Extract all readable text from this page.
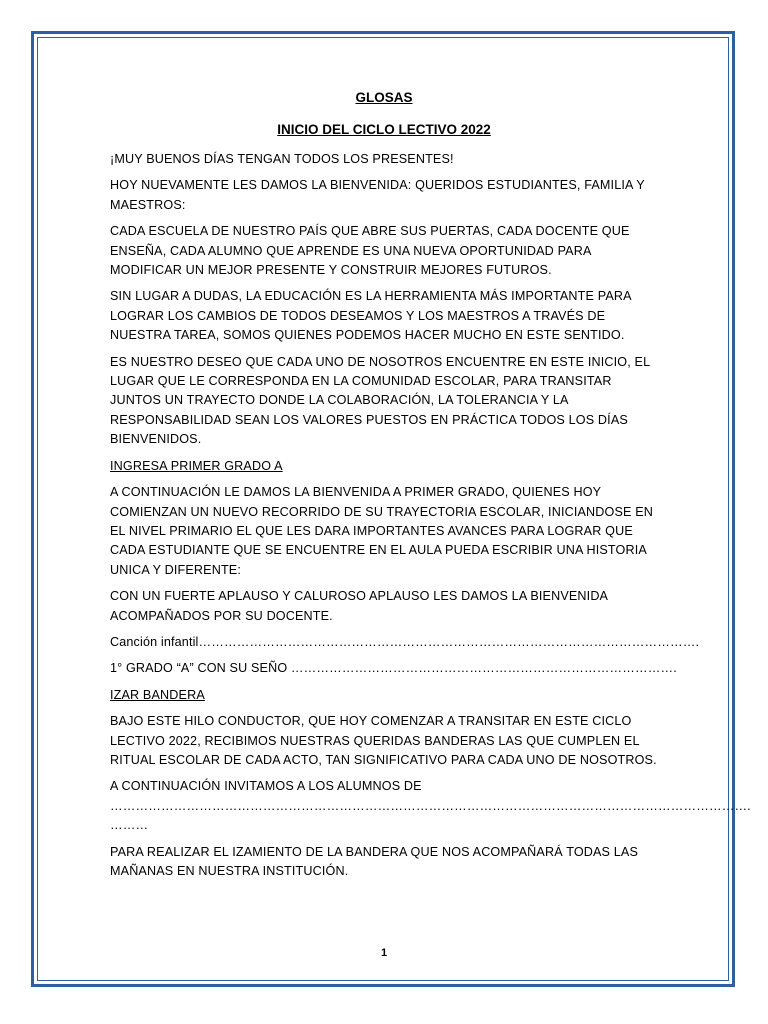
GLOSAS

INICIO DEL CICLO LECTIVO 2022

¡MUY BUENOS DÍAS TENGAN TODOS LOS PRESENTES!

HOY NUEVAMENTE LES DAMOS LA BIENVENIDA: QUERIDOS ESTUDIANTES, FAMILIA Y MAESTROS:

CADA ESCUELA DE NUESTRO PAÍS QUE ABRE SUS PUERTAS, CADA DOCENTE QUE ENSEÑA, CADA ALUMNO QUE APRENDE ES UNA NUEVA OPORTUNIDAD PARA MODIFICAR UN MEJOR PRESENTE Y CONSTRUIR MEJORES FUTUROS.

SIN LUGAR A DUDAS, LA EDUCACIÓN ES LA HERRAMIENTA MÁS IMPORTANTE PARA LOGRAR LOS CAMBIOS DE TODOS DESEAMOS Y LOS MAESTROS A TRAVÉS DE NUESTRA TAREA, SOMOS QUIENES PODEMOS HACER MUCHO EN ESTE SENTIDO.

ES NUESTRO DESEO QUE CADA UNO DE NOSOTROS ENCUENTRE EN ESTE INICIO, EL LUGAR QUE LE CORRESPONDA EN LA COMUNIDAD ESCOLAR, PARA TRANSITAR JUNTOS UN TRAYECTO DONDE LA COLABORACIÓN, LA TOLERANCIA Y LA RESPONSABILIDAD SEAN LOS VALORES PUESTOS EN PRÁCTICA TODOS LOS DÍAS BIENVENIDOS.

INGRESA PRIMER GRADO A

A CONTINUACIÓN LE DAMOS LA BIENVENIDA A PRIMER GRADO, QUIENES HOY COMIENZAN UN NUEVO RECORRIDO DE SU TRAYECTORIA ESCOLAR, INICIANDOSE EN EL NIVEL PRIMARIO EL QUE LES DARA IMPORTANTES AVANCES PARA LOGRAR QUE CADA ESTUDIANTE QUE SE ENCUENTRE EN EL AULA PUEDA ESCRIBIR UNA HISTORIA UNICA Y DIFERENTE:

CON UN FUERTE APLAUSO Y CALUROSO APLAUSO LES DAMOS LA BIENVENIDA ACOMPAÑADOS POR SU DOCENTE.

Canción infantil……………………………………………………………………………………………………….

1° GRADO “A” CON SU SEÑO ……………………………………………………………………………….

IZAR BANDERA

BAJO ESTE HILO CONDUCTOR, QUE HOY COMENZAR A TRANSITAR EN ESTE CICLO LECTIVO 2022, RECIBIMOS NUESTRAS QUERIDAS BANDERAS LAS QUE CUMPLEN EL RITUAL ESCOLAR DE CADA ACTO, TAN SIGNIFICATIVO PARA CADA UNO DE NOSOTROS.

A CONTINUACIÓN INVITAMOS A LOS ALUMNOS DE

…………………………………………………………………………………………………………………………………….

………

PARA REALIZAR EL IZAMIENTO DE LA BANDERA QUE NOS ACOMPAÑARÁ TODAS LAS MAÑANAS EN NUESTRA INSTITUCIÓN.

1
